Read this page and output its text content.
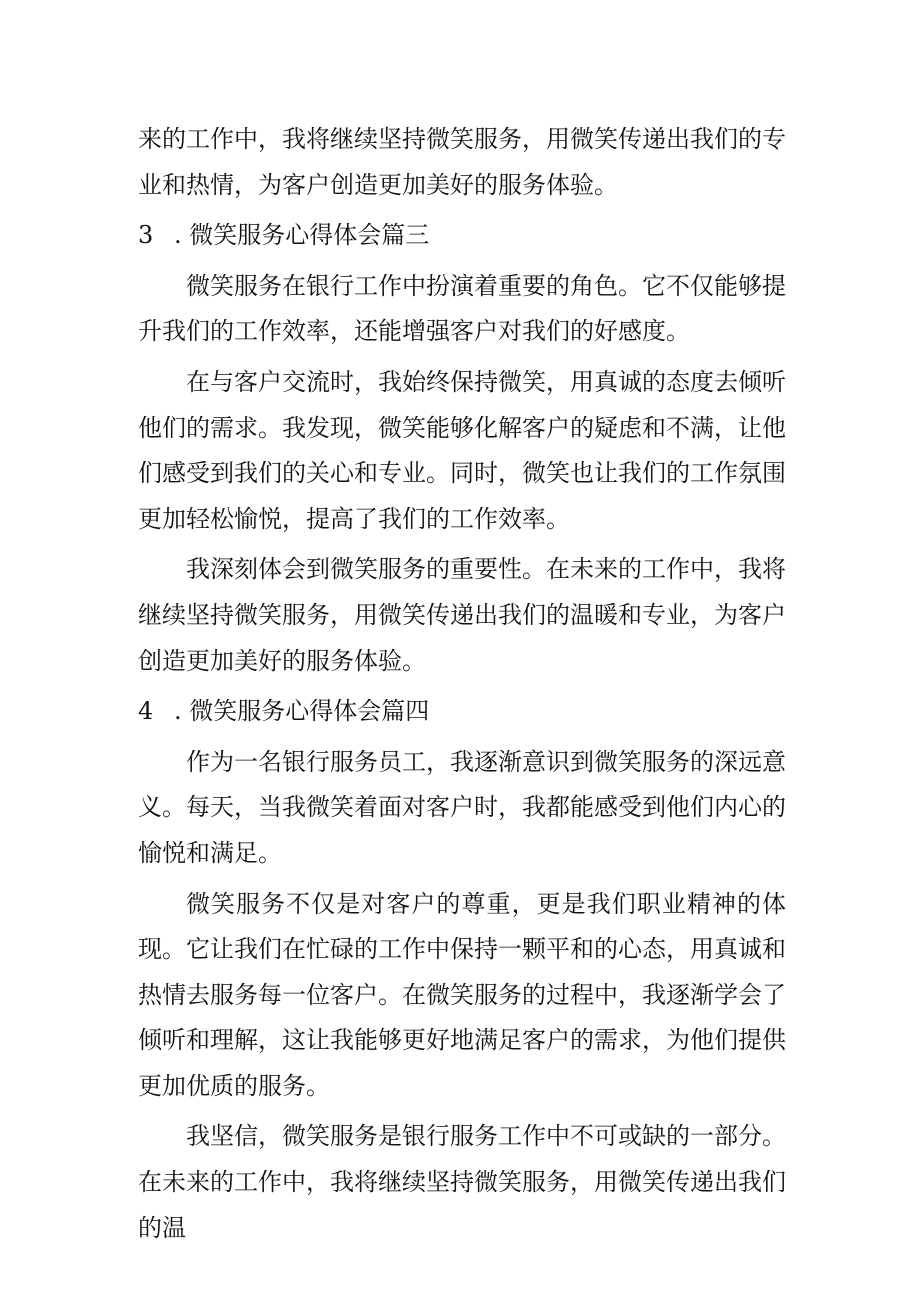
来的工作中，我将继续坚持微笑服务，用微笑传递出我们的专业和热情，为客户创造更加美好的服务体验。

3 . 微笑服务心得体会篇三

微笑服务在银行工作中扮演着重要的角色。它不仅能够提升我们的工作效率，还能增强客户对我们的好感度。

在与客户交流时，我始终保持微笑，用真诚的态度去倾听他们的需求。我发现，微笑能够化解客户的疑虑和不满，让他们感受到我们的关心和专业。同时，微笑也让我们的工作氛围更加轻松愉悦，提高了我们的工作效率。

我深刻体会到微笑服务的重要性。在未来的工作中，我将继续坚持微笑服务，用微笑传递出我们的温暖和专业，为客户创造更加美好的服务体验。

4 . 微笑服务心得体会篇四

作为一名银行服务员工，我逐渐意识到微笑服务的深远意义。每天，当我微笑着面对客户时，我都能感受到他们内心的愉悦和满足。

微笑服务不仅是对客户的尊重，更是我们职业精神的体现。它让我们在忙碌的工作中保持一颗平和的心态，用真诚和热情去服务每一位客户。在微笑服务的过程中，我逐渐学会了倾听和理解，这让我能够更好地满足客户的需求，为他们提供更加优质的服务。

我坚信，微笑服务是银行服务工作中不可或缺的一部分。在未来的工作中，我将继续坚持微笑服务，用微笑传递出我们的温
